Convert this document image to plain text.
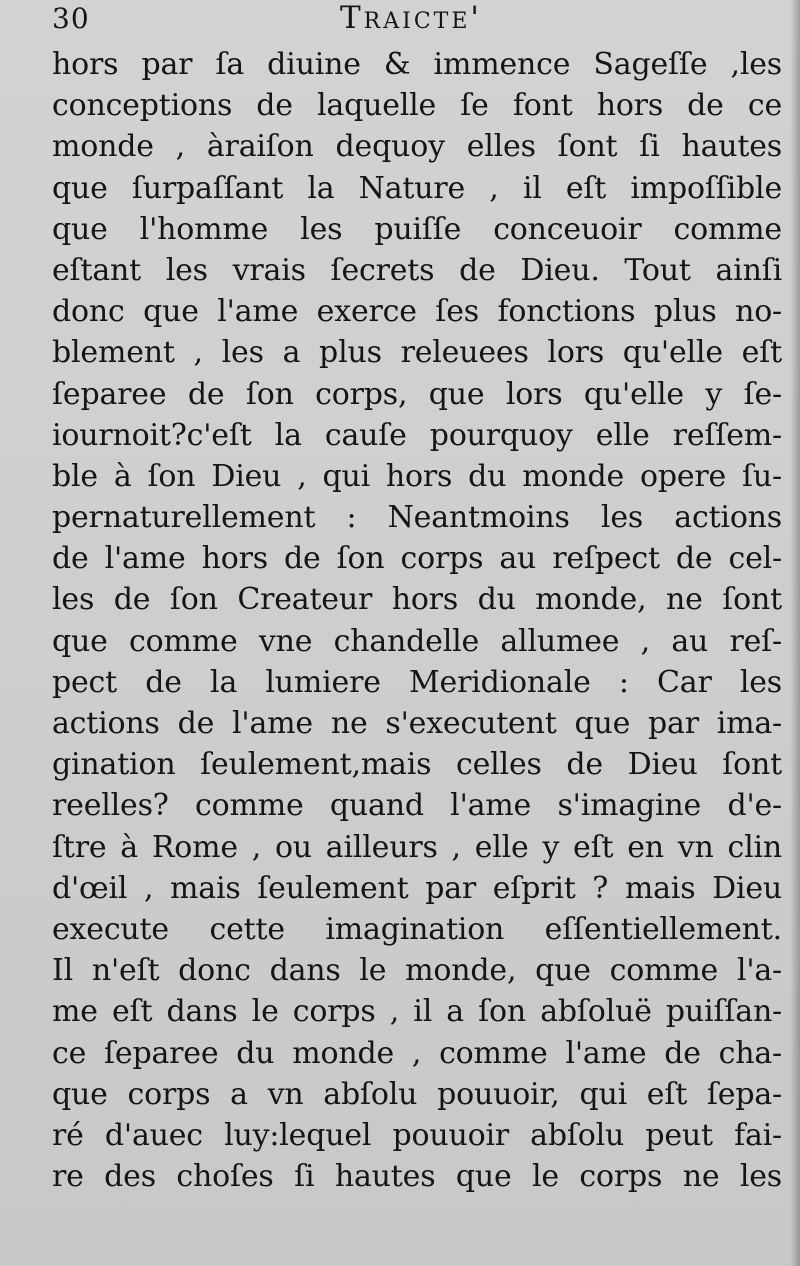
30	Traicte'
hors par ſa diuine & immence Sageſſe ,les
conceptions de laquelle ſe font hors de ce
monde , àraiſon dequoy elles ſont ſi hautes
que ſurpaſſant la Nature , il eſt impoſſible
que l'homme les puiſſe conceuoir comme
eſtant les vrais ſecrets de Dieu. Tout ainſi
donc que l'ame exerce ſes fonctions plus no-
blement , les a plus releuees lors qu'elle eſt
ſeparee de ſon corps, que lors qu'elle y ſe-
iournoit?c'eſt la cauſe pourquoy elle reſſem-
ble à ſon Dieu , qui hors du monde opere ſu-
pernaturellement : Neantmoins les actions
de l'ame hors de ſon corps au reſpect de cel-
les de ſon Createur hors du monde, ne ſont
que comme vne chandelle allumee , au reſ-
pect de la lumiere Meridionale : Car les
actions de l'ame ne s'executent que par ima-
gination ſeulement,mais celles de Dieu ſont
reelles? comme quand l'ame s'imagine d'e-
ſtre à Rome , ou ailleurs , elle y eſt en vn clin
d'œil , mais ſeulement par eſprit ? mais Dieu
execute cette imagination eſſentiellement.
Il n'eſt donc dans le monde, que comme l'a-
me eſt dans le corps , il a ſon abſoluë puiſſan-
ce ſeparee du monde , comme l'ame de cha-
que corps a vn abſolu pouuoir, qui eſt ſepa-
ré d'auec luy:lequel pouuoir abſolu peut fai-
re des choſes ſi hautes que le corps ne les
